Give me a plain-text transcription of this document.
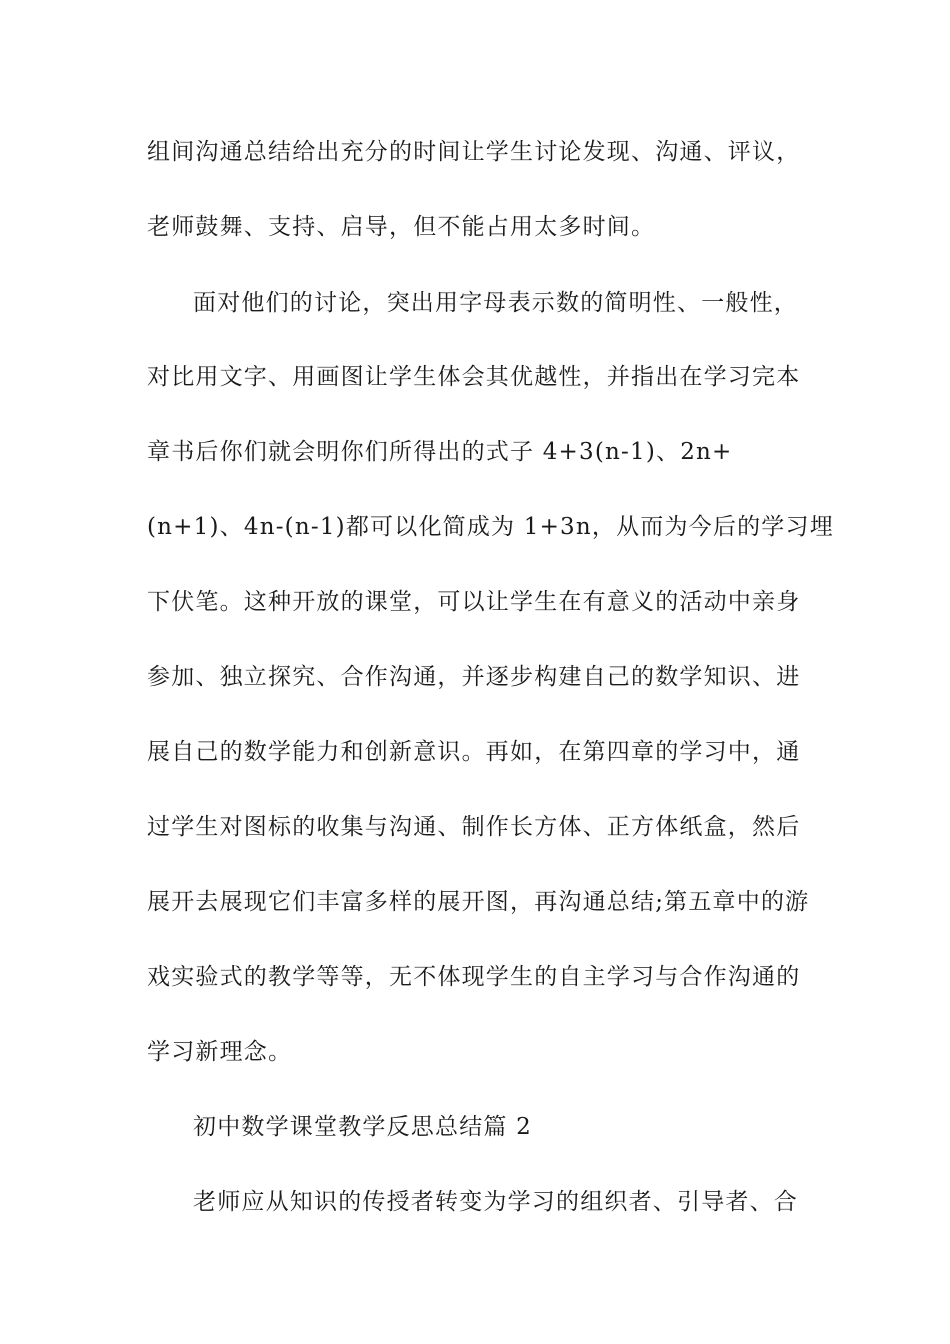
组间沟通总结给出充分的时间让学生讨论发现、沟通、评议，

老师鼓舞、支持、启导，但不能占用太多时间。

面对他们的讨论，突出用字母表示数的简明性、一般性，

对比用文字、用画图让学生体会其优越性，并指出在学习完本

章书后你们就会明你们所得出的式子 4+3(n-1)、2n+

(n+1)、4n-(n-1)都可以化简成为 1+3n，从而为今后的学习埋

下伏笔。这种开放的课堂，可以让学生在有意义的活动中亲身

参加、独立探究、合作沟通，并逐步构建自己的数学知识、进

展自己的数学能力和创新意识。再如，在第四章的学习中，通

过学生对图标的收集与沟通、制作长方体、正方体纸盒，然后

展开去展现它们丰富多样的展开图，再沟通总结;第五章中的游

戏实验式的教学等等，无不体现学生的自主学习与合作沟通的

学习新理念。

初中数学课堂教学反思总结篇 2

老师应从知识的传授者转变为学习的组织者、引导者、合
